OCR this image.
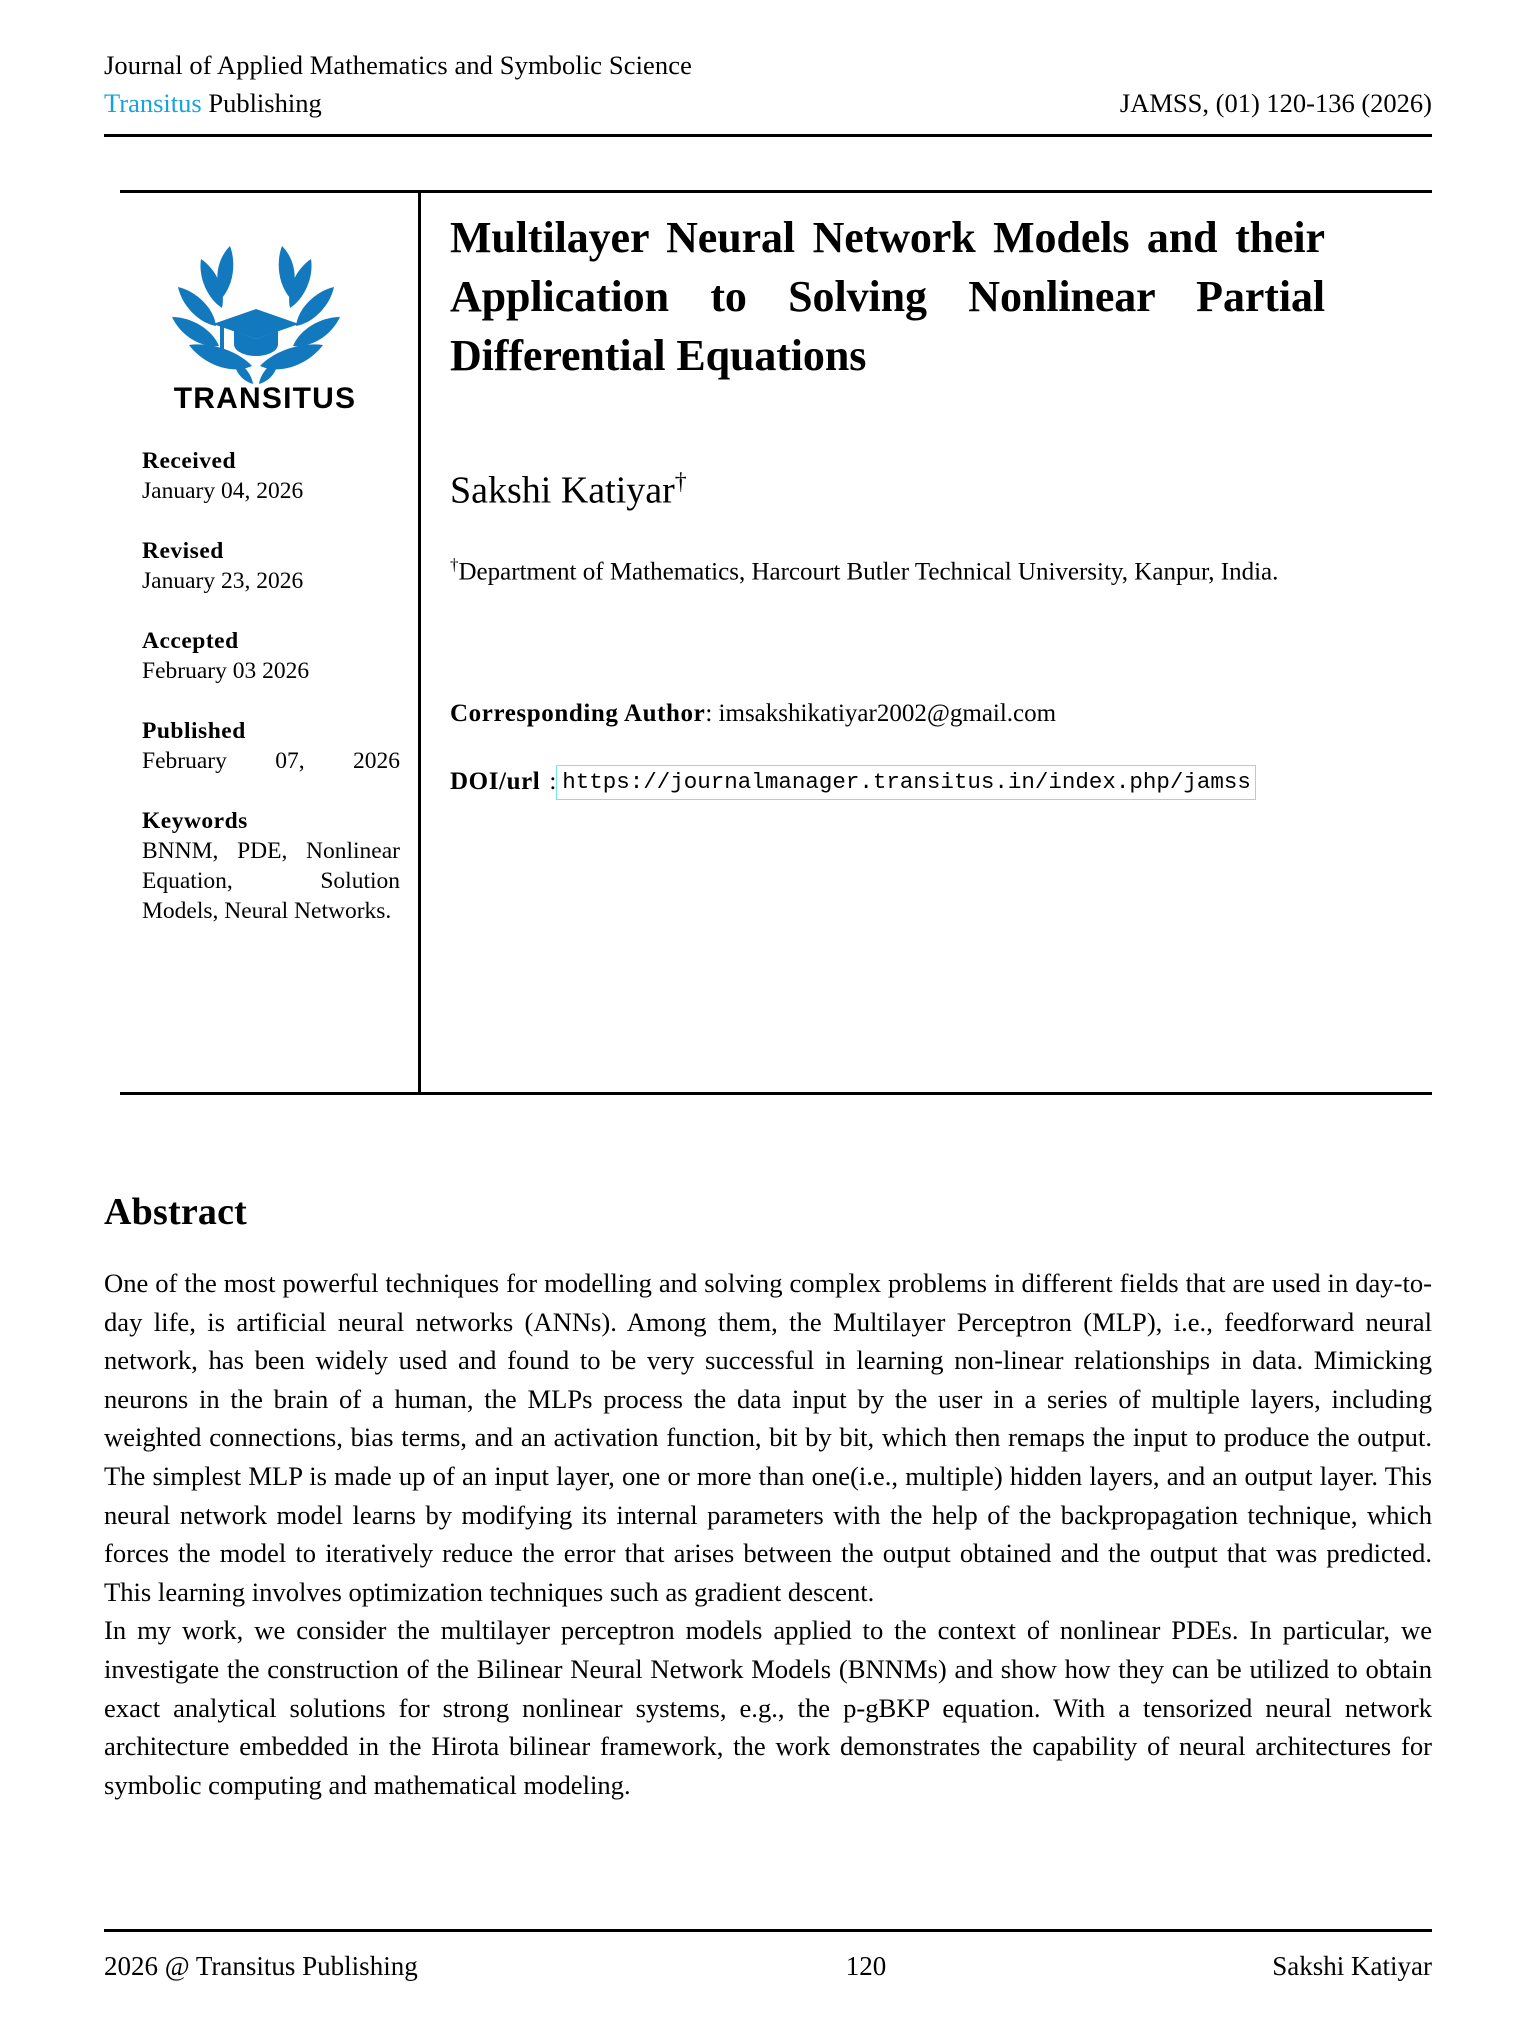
Journal of Applied Mathematics and Symbolic Science
Transitus Publishing	JAMSS, (01) 120-136 (2026)
TRANSITUS
Received
January 04, 2026
Revised
January 23, 2026
Accepted
February 03 2026
Published
February 07, 2026
Keywords
BNNM, PDE, Nonlinear Equation, Solution Models, Neural Networks.
Multilayer Neural Network Models and their Application to Solving Nonlinear Partial Differential Equations
Sakshi Katiyar†
†Department of Mathematics, Harcourt Butler Technical University, Kanpur, India.
Corresponding Author: imsakshikatiyar2002@gmail.com
DOI/url : https://journalmanager.transitus.in/index.php/jamss
Abstract

One of the most powerful techniques for modelling and solving complex problems in different fields that are used in day-to-day life, is artificial neural networks (ANNs). Among them, the Multilayer Perceptron (MLP), i.e., feedforward neural network, has been widely used and found to be very successful in learning non-linear relationships in data. Mimicking neurons in the brain of a human, the MLPs process the data input by the user in a series of multiple layers, including weighted connections, bias terms, and an activation function, bit by bit, which then remaps the input to produce the output. The simplest MLP is made up of an input layer, one or more than one(i.e., multiple) hidden layers, and an output layer. This neural network model learns by modifying its internal parameters with the help of the backpropagation technique, which forces the model to iteratively reduce the error that arises between the output obtained and the output that was predicted. This learning involves optimization techniques such as gradient descent.

In my work, we consider the multilayer perceptron models applied to the context of nonlinear PDEs. In particular, we investigate the construction of the Bilinear Neural Network Models (BNNMs) and show how they can be utilized to obtain exact analytical solutions for strong nonlinear systems, e.g., the p-gBKP equation. With a tensorized neural network architecture embedded in the Hirota bilinear framework, the work demonstrates the capability of neural architectures for symbolic computing and mathematical modeling.

2026 @ Transitus Publishing	120	Sakshi Katiyar
